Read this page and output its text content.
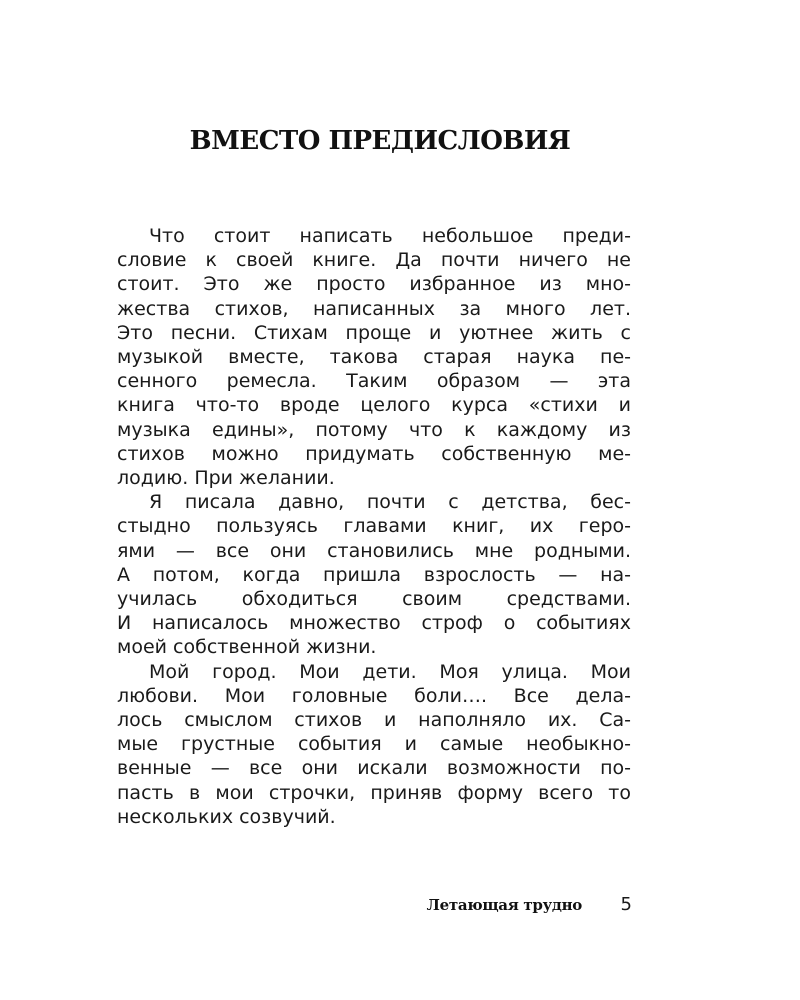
ВМЕСТО ПРЕДИСЛОВИЯ

Что стоит написать небольшое преди-
словие к своей книге. Да почти ничего не
стоит. Это же просто избранное из мно-
жества стихов, написанных за много лет.
Это песни. Стихам проще и уютнее жить с
музыкой вместе, такова старая наука пе-
сенного ремесла. Таким образом — эта
книга что-то вроде целого курса «стихи и
музыка едины», потому что к каждому из
стихов можно придумать собственную ме-
лодию. При желании.

Я писала давно, почти с детства, бес-
стыдно пользуясь главами книг, их геро-
ями — все они становились мне родными.
А потом, когда пришла взрослость — на-
училась обходиться своим средствами.
И написалось множество строф о событиях
моей собственной жизни.

Мой город. Мои дети. Моя улица. Мои
любови. Мои головные боли…. Все дела-
лось смыслом стихов и наполняло их. Са-
мые грустные события и самые необыкно-
венные — все они искали возможности по-
пасть в мои строчки, приняв форму всего то
нескольких созвучий.

Летающая трудно 5
